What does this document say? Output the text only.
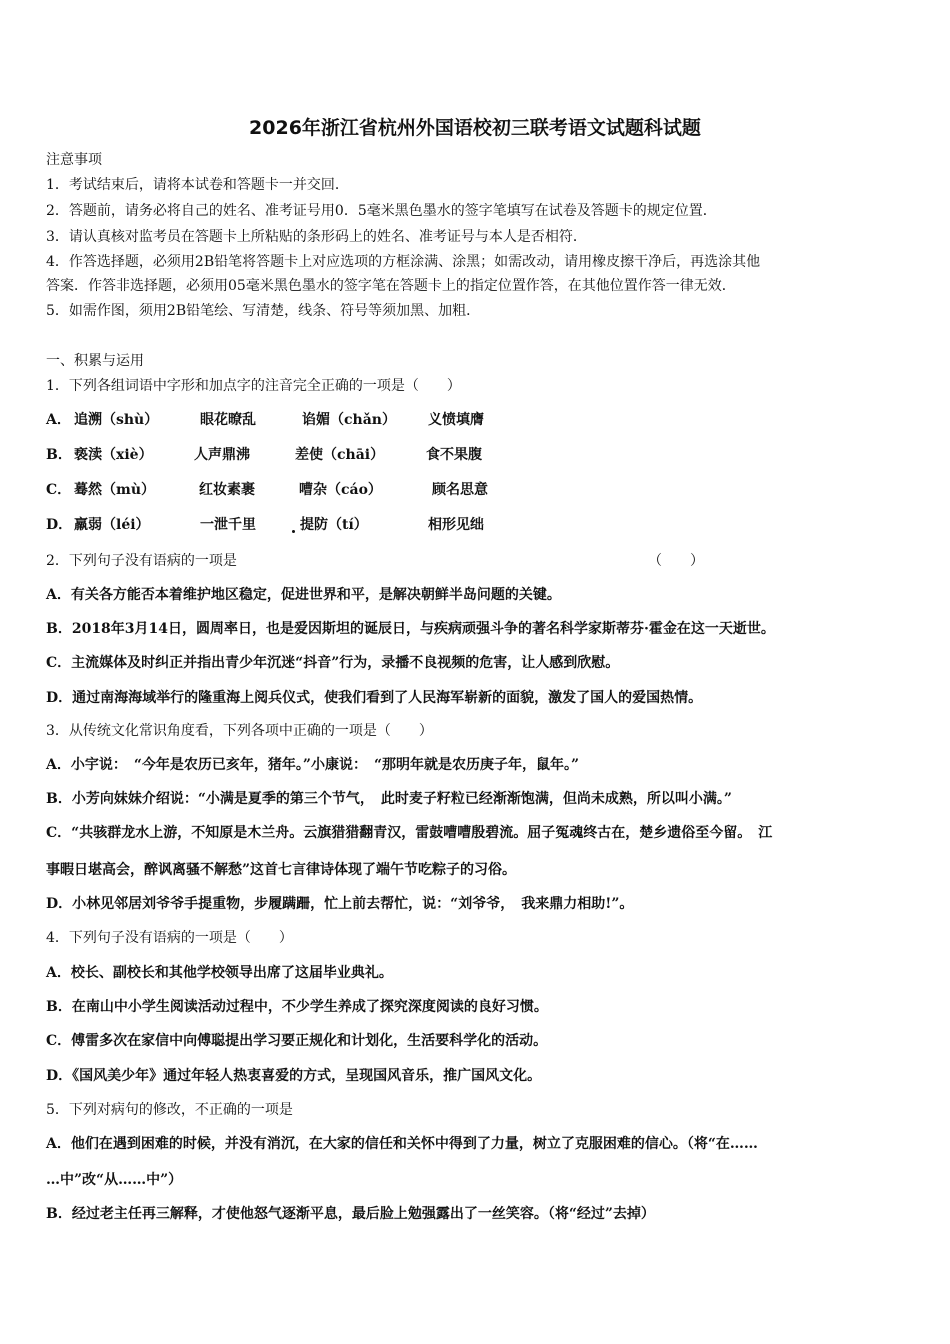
2026年浙江省杭州外国语校初三联考语文试题科试题
注意事项
1．考试结束后，请将本试卷和答题卡一并交回．
2．答题前，请务必将自己的姓名、准考证号用0．5毫米黑色墨水的签字笔填写在试卷及答题卡的规定位置．
3．请认真核对监考员在答题卡上所粘贴的条形码上的姓名、准考证号与本人是否相符．
4．作答选择题，必须用2B铅笔将答题卡上对应选项的方框涂满、涂黑；如需改动，请用橡皮擦干净后，再选涂其他
答案．作答非选择题，必须用05毫米黑色墨水的签字笔在答题卡上的指定位置作答，在其他位置作答一律无效．
5．如需作图，须用2B铅笔绘、写清楚，线条、符号等须加黑、加粗．
一、积累与运用
1．下列各组词语中字形和加点字的注音完全正确的一项是（　　）
A． 追溯（shù）	眼花暸乱	谄媚（chǎn） 义愤填膺
B． 亵渎（xiè）	人声鼎沸	差使（chāi）	食不果腹
C． 蓦然（mù）	红妆素裹	嘈杂（cáo）	顾名思意
D． 羸弱（léi）	一泄千里	提防（tí）	相形见绌
2．下列句子没有语病的一项是	（　　）
A．有关各方能否本着维护地区稳定，促进世界和平，是解决朝鲜半岛问题的关键。
B．2018年3月14日，圆周率日，也是爱因斯坦的诞辰日，与疾病顽强斗争的著名科学家斯蒂芬·霍金在这一天逝世。
C．主流媒体及时纠正并指出青少年沉迷“抖音”行为，录播不良视频的危害，让人感到欣慰。
D．通过南海海域举行的隆重海上阅兵仪式，使我们看到了人民海军崭新的面貌，激发了国人的爱国热情。
3．从传统文化常识角度看，下列各项中正确的一项是（　　）
A．小宇说：　“今年是农历已亥年，猪年。”小康说：　“那明年就是农历庚子年，鼠年。”
B．小芳向妹妹介绍说：“小满是夏季的第三个节气，　此时麦子籽粒已经渐渐饱满，但尚未成熟，所以叫小满。”
C．“共骇群龙水上游，不知原是木兰舟。云旗猎猎翻青汉，雷鼓嘈嘈殷碧流。屈子冤魂终古在，楚乡遗俗至今留。　江
事暇日堪高会，醉讽离骚不解愁”这首七言律诗体现了端午节吃粽子的习俗。
D．小林见邻居刘爷爷手提重物，步履蹒跚，忙上前去帮忙，说：“刘爷爷，　我来鼎力相助!”。
4．下列句子没有语病的一项是（　　）
A．校长、副校长和其他学校领导出席了这届毕业典礼。
B．在南山中小学生阅读活动过程中，不少学生养成了探究深度阅读的良好习惯。
C．傅雷多次在家信中向傅聪提出学习要正规化和计划化，生活要科学化的活动。
D．《国风美少年》通过年轻人热衷喜爱的方式，呈现国风音乐，推广国风文化。
5．下列对病句的修改，不正确的一项是
A．他们在遇到困难的时候，并没有消沉，在大家的信任和关怀中得到了力量，树立了克服困难的信心。（将“在……
…中”改“从……中”）
B．经过老主任再三解释，才使他怒气逐渐平息，最后脸上勉强露出了一丝笑容。（将“经过”去掉）
